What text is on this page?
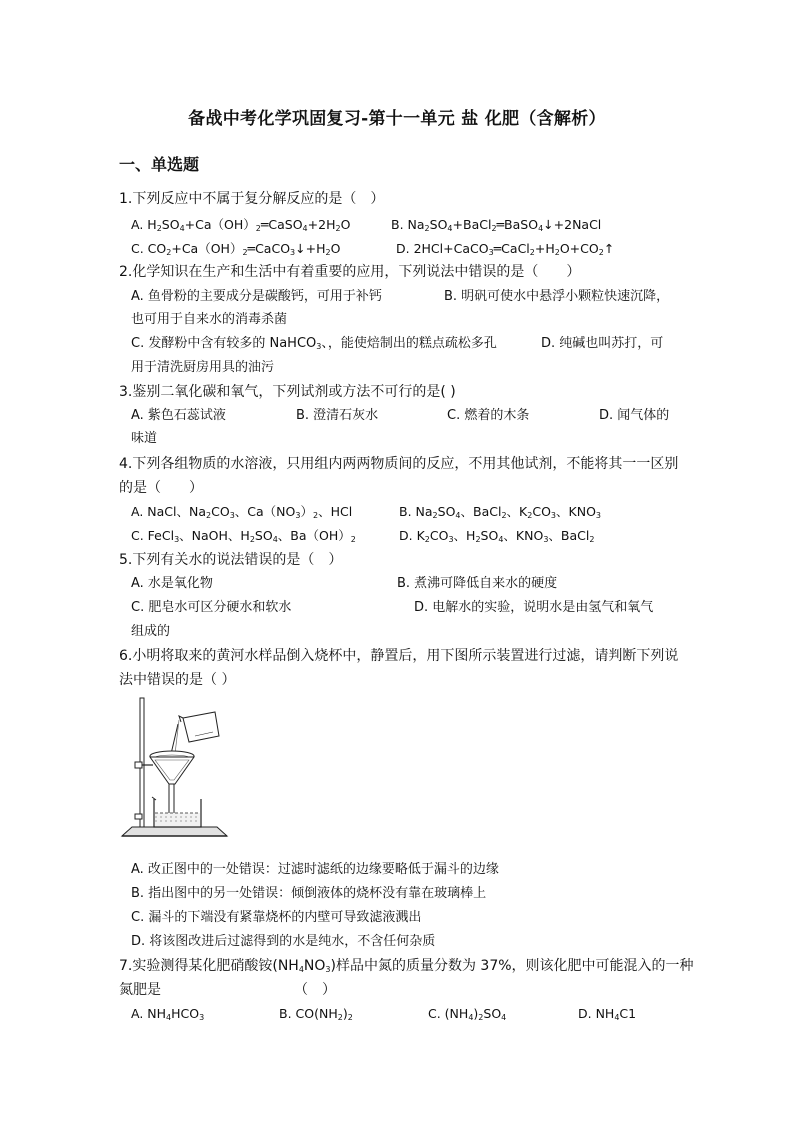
备战中考化学巩固复习-第十一单元 盐 化肥（含解析）
一、单选题
1.下列反应中不属于复分解反应的是（　）
A. $H_2SO_4+Ca(OH)_2═CaSO_4+2H_2O$	B. $Na_2SO_4+BaCl_2═BaSO_4↓+2NaCl$
C. $CO_2+Ca(OH)_2═CaCO_3↓+H_2O$	D. $2HCl+CaCO_3═CaCl_2+H_2O+CO_2↑$
2.化学知识在生产和生活中有着重要的应用，下列说法中错误的是（　　）
A. 鱼骨粉的主要成分是碳酸钙，可用于补钙	B. 明矾可使水中悬浮小颗粒快速沉降，
也可用于自来水的消毒杀菌
C. 发酵粉中含有较多的 NaHCO$_3$、，能使焙制出的糕点疏松多孔	D. 纯碱也叫苏打，可
用于清洗厨房用具的油污
3.鉴别二氧化碳和氧气，下列试剂或方法不可行的是( )
A. 紫色石蕊试液	B. 澄清石灰水	C. 燃着的木条	D. 闻气体的
味道
4.下列各组物质的水溶液，只用组内两两物质间的反应，不用其他试剂，不能将其一一区别
的是（　　）
A. NaCl、$Na_2CO_3$、$Ca(NO_3)_2$、HCl	B. $Na_2SO_4$、BaCl$_2$、$K_2CO_3$、$KNO_3$
C. FeCl$_3$、NaOH、$H_2SO_4$、$Ba(OH)_2$	D. $K_2CO_3$、$H_2SO_4$、$KNO_3$、BaCl$_2$
5.下列有关水的说法错误的是（　）
A. 水是氧化物	B. 煮沸可降低自来水的硬度
C. 肥皂水可区分硬水和软水	D. 电解水的实验，说明水是由氢气和氧气
组成的
6.小明将取来的黄河水样品倒入烧杯中，静置后，用下图所示装置进行过滤，请判断下列说
法中错误的是（ ）
A. 改正图中的一处错误：过滤时滤纸的边缘要略低于漏斗的边缘
B. 指出图中的另一处错误：倾倒液体的烧杯没有靠在玻璃棒上
C. 漏斗的下端没有紧靠烧杯的内壁可导致滤液溅出
D. 将该图改进后过滤得到的水是纯水，不含任何杂质
7.实验测得某化肥硝酸铵$(NH_4NO_3)$样品中氮的质量分数为 37%，则该化肥中可能混入的一种
氮肥是　　　　　　　　　　（　）
A. $NH_4HCO_3$	B. $CO(NH_2)_2$	C. $(NH_4)_2SO_4$	D. $NH_4C1$
